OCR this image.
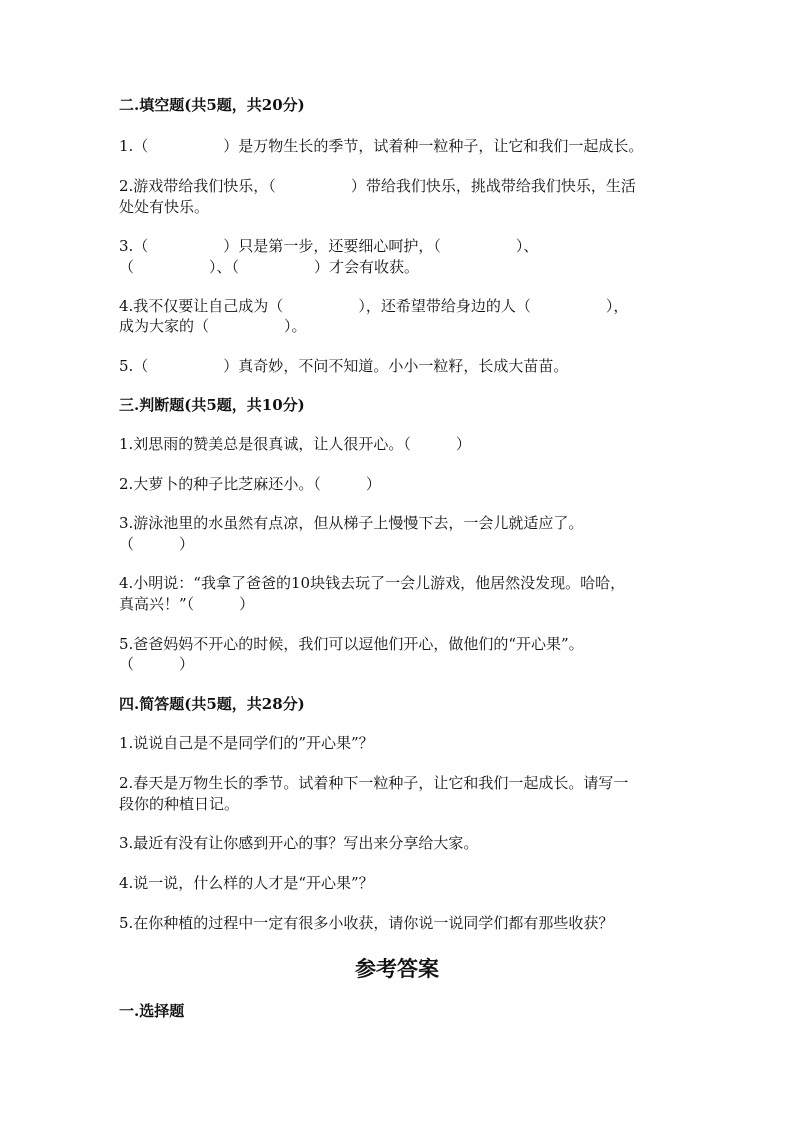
二.填空题(共5题，共20分)

1.（　　　　　）是万物生长的季节，试着种一粒种子，让它和我们一起成长。

2.游戏带给我们快乐，（　　　　　）带给我们快乐，挑战带给我们快乐，生活

处处有快乐。

3.（　　　　　）只是第一步，还要细心呵护，（　　　　　）、

（　　　　　）、（　　　　　）才会有收获。

4.我不仅要让自己成为（　　　　　），还希望带给身边的人（　　　　　），

成为大家的（　　　　　）。

5.（　　　　　）真奇妙，不问不知道。小小一粒籽，长成大苗苗。

三.判断题(共5题，共10分)

1.刘思雨的赞美总是很真诚，让人很开心。（　　　）

2.大萝卜的种子比芝麻还小。（　　　）

3.游泳池里的水虽然有点凉，但从梯子上慢慢下去，一会儿就适应了。

（　　　）

4.小明说：“我拿了爸爸的10块钱去玩了一会儿游戏，他居然没发现。哈哈，

真高兴！”（　　　）

5.爸爸妈妈不开心的时候，我们可以逗他们开心，做他们的“开心果”。

（　　　）

四.简答题(共5题，共28分)

1.说说自己是不是同学们的”开心果”？

2.春天是万物生长的季节。试着种下一粒种子，让它和我们一起成长。请写一

段你的种植日记。

3.最近有没有让你感到开心的事？写出来分享给大家。

4.说一说，什么样的人才是“开心果”？

5.在你种植的过程中一定有很多小收获，请你说一说同学们都有那些收获？

参考答案

一.选择题
